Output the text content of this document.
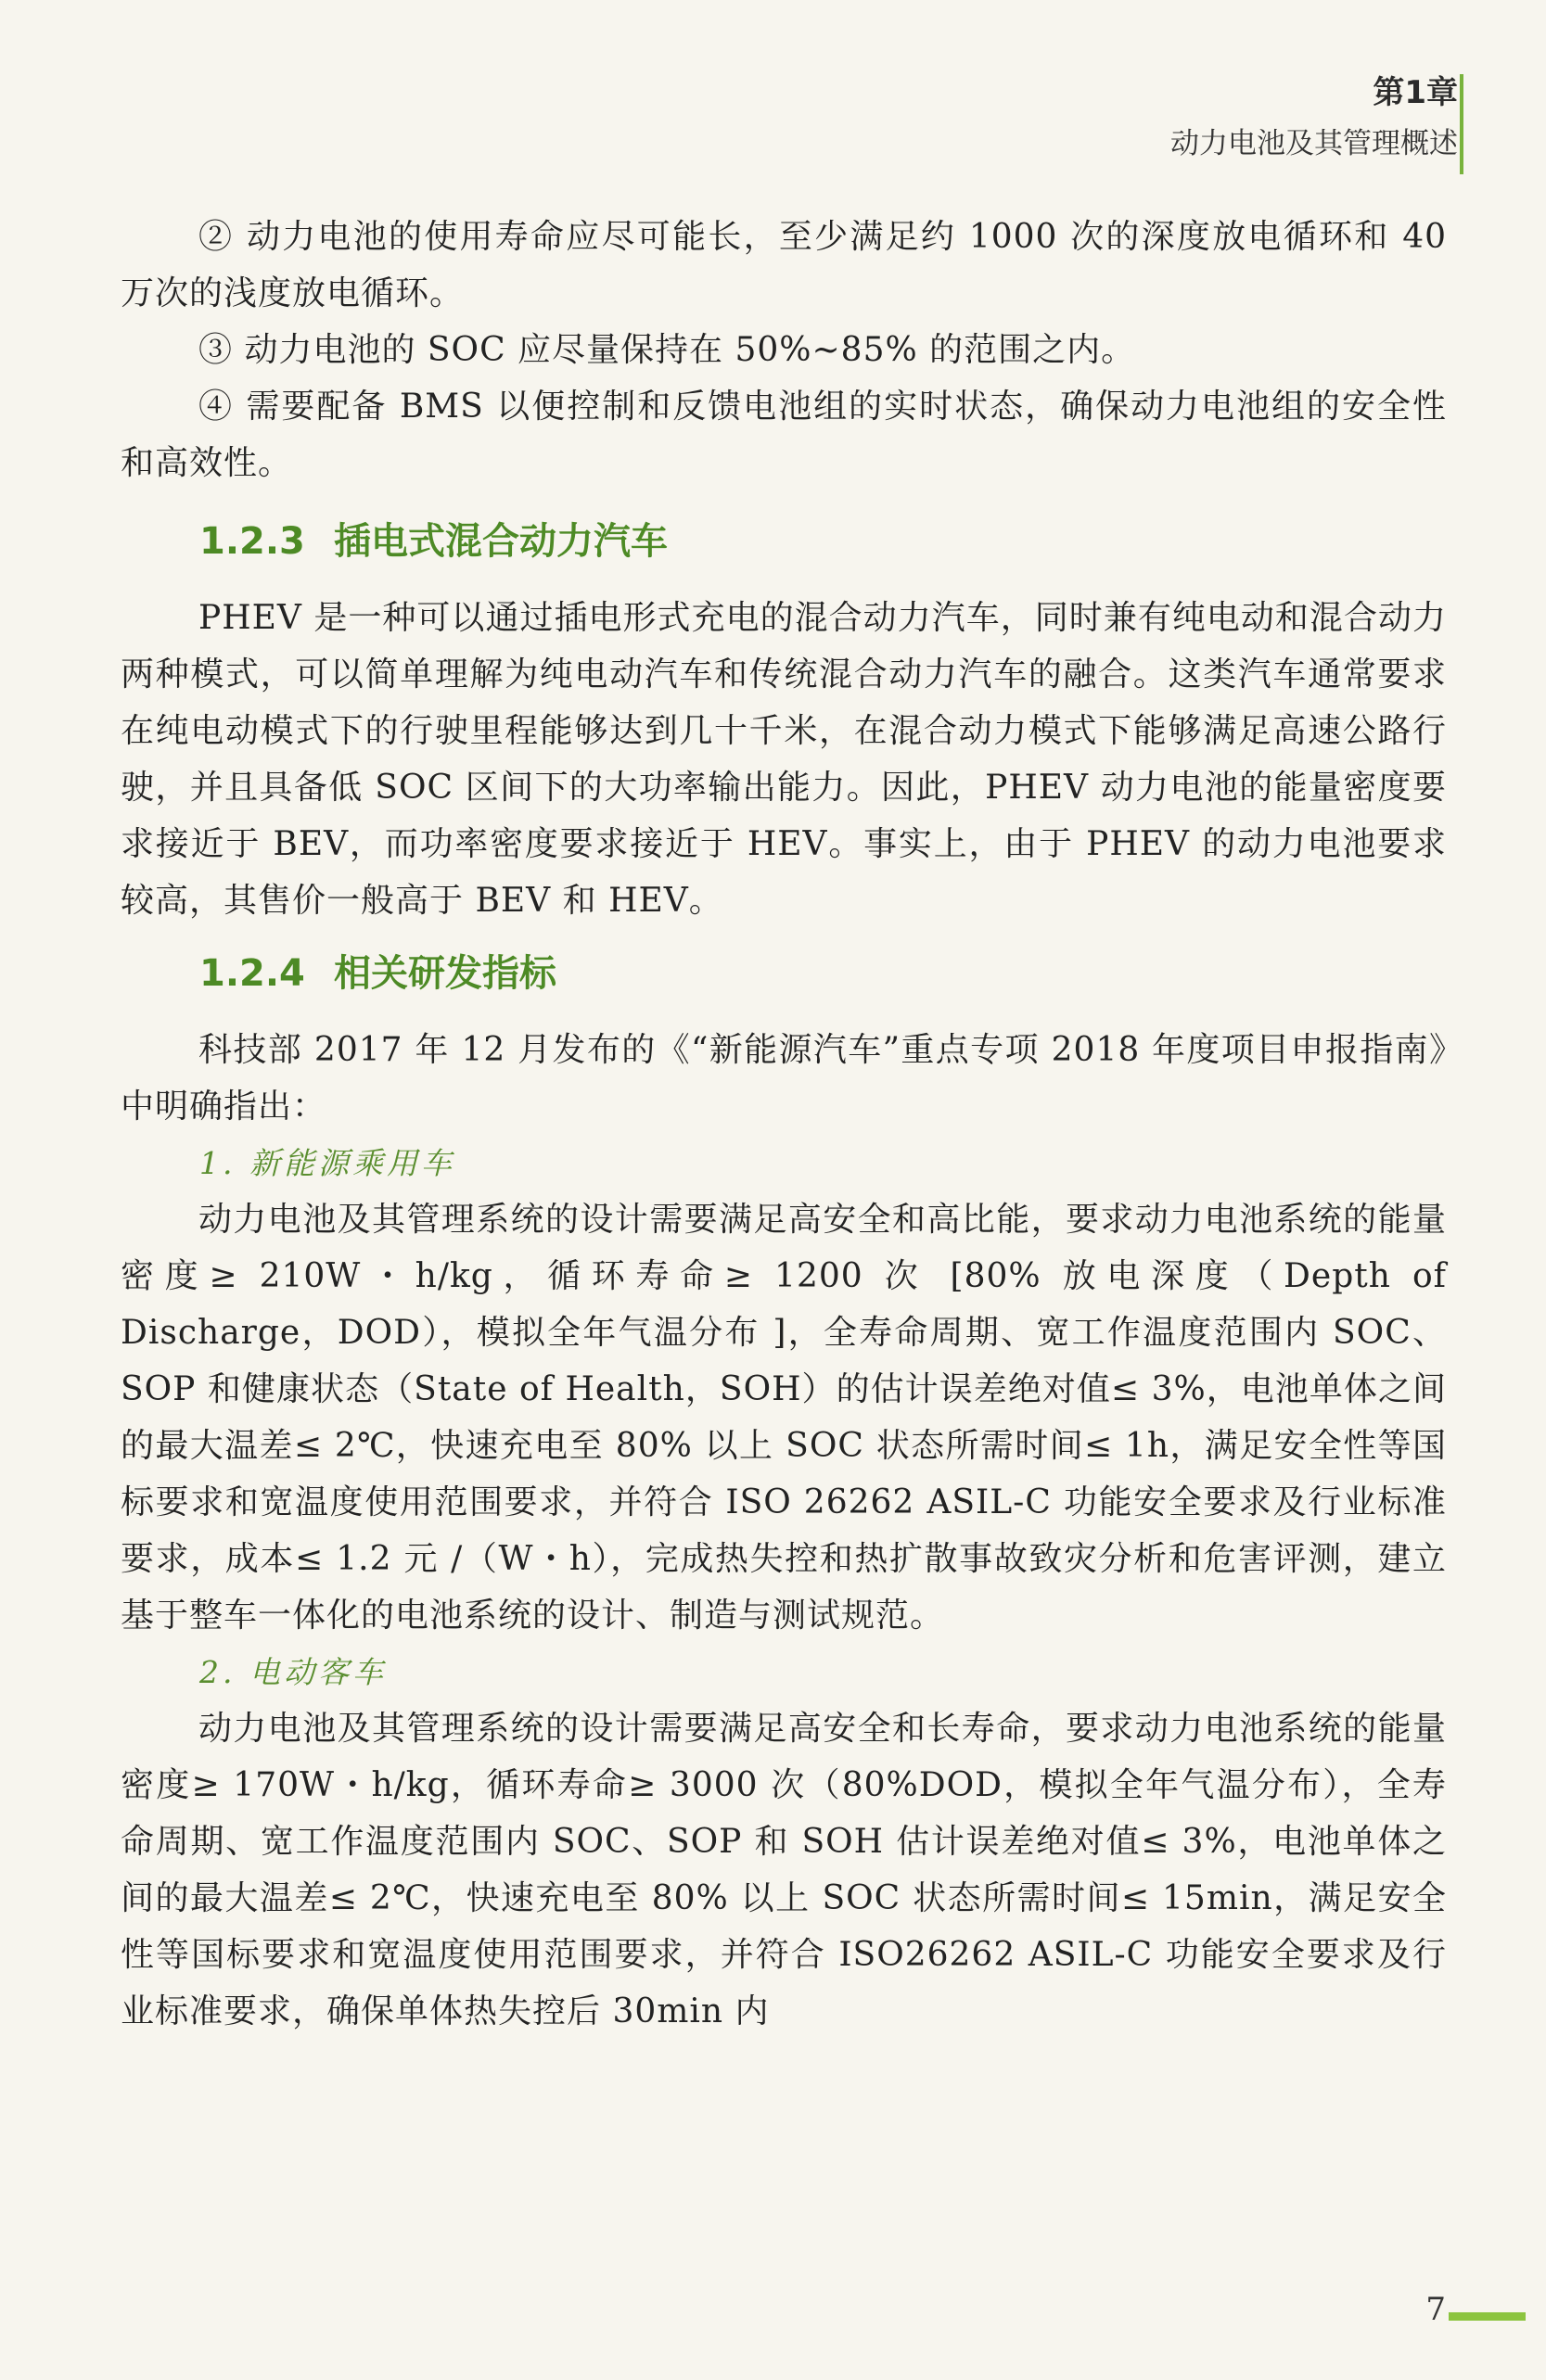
第1章
动力电池及其管理概述

② 动力电池的使用寿命应尽可能长，至少满足约 1000 次的深度放电循环和 40 万次的浅度放电循环。

③ 动力电池的 SOC 应尽量保持在 50%~85% 的范围之内。

④ 需要配备 BMS 以便控制和反馈电池组的实时状态，确保动力电池组的安全性和高效性。

1.2.3 插电式混合动力汽车

PHEV 是一种可以通过插电形式充电的混合动力汽车，同时兼有纯电动和混合动力两种模式，可以简单理解为纯电动汽车和传统混合动力汽车的融合。这类汽车通常要求在纯电动模式下的行驶里程能够达到几十千米，在混合动力模式下能够满足高速公路行驶，并且具备低 SOC 区间下的大功率输出能力。因此，PHEV 动力电池的能量密度要求接近于 BEV，而功率密度要求接近于 HEV。事实上，由于 PHEV 的动力电池要求较高，其售价一般高于 BEV 和 HEV。

1.2.4 相关研发指标

科技部 2017 年 12 月发布的《“新能源汽车”重点专项 2018 年度项目申报指南》中明确指出：

1. 新能源乘用车

动力电池及其管理系统的设计需要满足高安全和高比能，要求动力电池系统的能量密度≥ 210W・h/kg，循环寿命≥ 1200 次 [80% 放电深度（Depth of Discharge，DOD），模拟全年气温分布 ]，全寿命周期、宽工作温度范围内 SOC、SOP 和健康状态（State of Health，SOH）的估计误差绝对值≤ 3%，电池单体之间的最大温差≤ 2℃，快速充电至 80% 以上 SOC 状态所需时间≤ 1h，满足安全性等国标要求和宽温度使用范围要求，并符合 ISO 26262 ASIL-C 功能安全要求及行业标准要求，成本≤ 1.2 元 /（W・h），完成热失控和热扩散事故致灾分析和危害评测，建立基于整车一体化的电池系统的设计、制造与测试规范。

2. 电动客车

动力电池及其管理系统的设计需要满足高安全和长寿命，要求动力电池系统的能量密度≥ 170W・h/kg，循环寿命≥ 3000 次（80%DOD，模拟全年气温分布），全寿命周期、宽工作温度范围内 SOC、SOP 和 SOH 估计误差绝对值≤ 3%，电池单体之间的最大温差≤ 2℃，快速充电至 80% 以上 SOC 状态所需时间≤ 15min，满足安全性等国标要求和宽温度使用范围要求，并符合 ISO26262 ASIL-C 功能安全要求及行业标准要求，确保单体热失控后 30min 内

7
